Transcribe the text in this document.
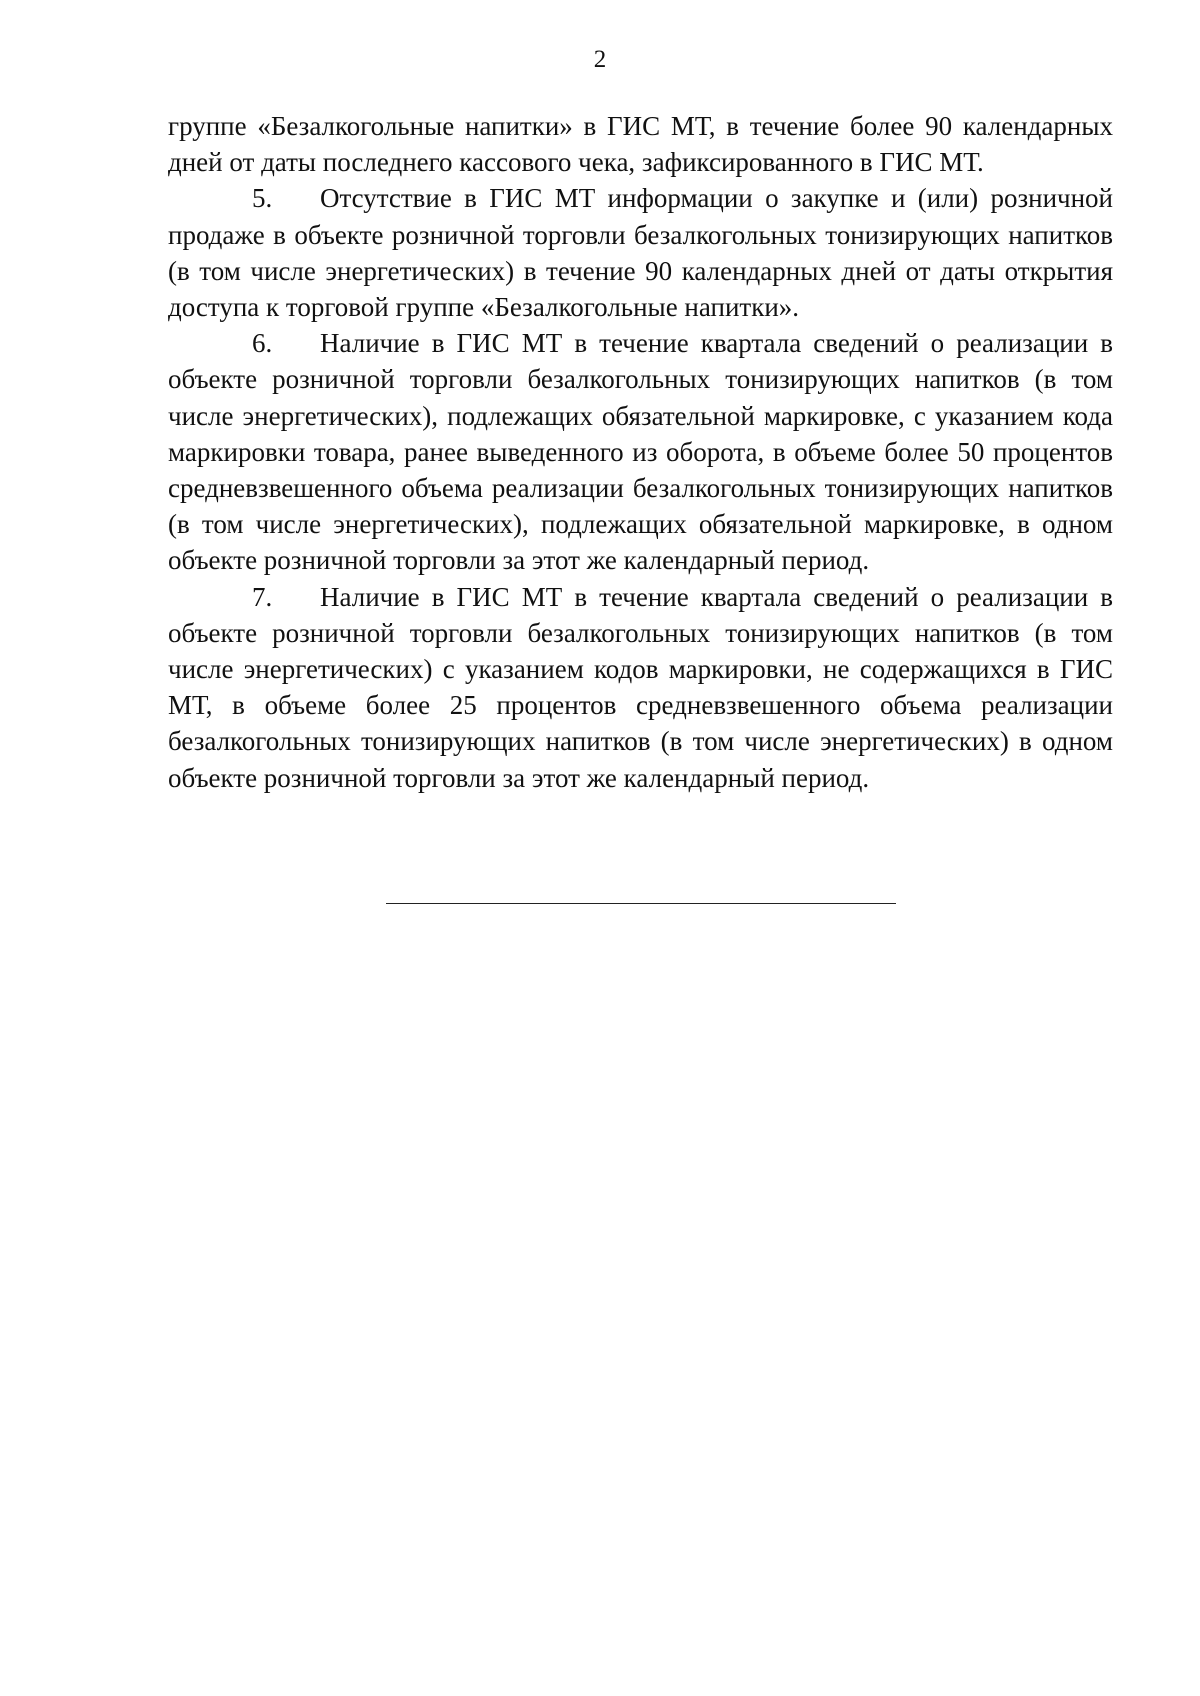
2

группе «Безалкогольные напитки» в ГИС МТ, в течение более 90 календарных дней от даты последнего кассового чека, зафиксированного в ГИС МТ.

5. Отсутствие в ГИС МТ информации о закупке и (или) розничной продаже в объекте розничной торговли безалкогольных тонизирующих напитков (в том числе энергетических) в течение 90 календарных дней от даты открытия доступа к торговой группе «Безалкогольные напитки».

6. Наличие в ГИС МТ в течение квартала сведений о реализации в объекте розничной торговли безалкогольных тонизирующих напитков (в том числе энергетических), подлежащих обязательной маркировке, с указанием кода маркировки товара, ранее выведенного из оборота, в объеме более 50 процентов средневзвешенного объема реализации безалкогольных тонизирующих напитков (в том числе энергетических), подлежащих обязательной маркировке, в одном объекте розничной торговли за этот же календарный период.

7. Наличие в ГИС МТ в течение квартала сведений о реализации в объекте розничной торговли безалкогольных тонизирующих напитков (в том числе энергетических) с указанием кодов маркировки, не содержащихся в ГИС МТ, в объеме более 25 процентов средневзвешенного объема реализации безалкогольных тонизирующих напитков (в том числе энергетических) в одном объекте розничной торговли за этот же календарный период.
